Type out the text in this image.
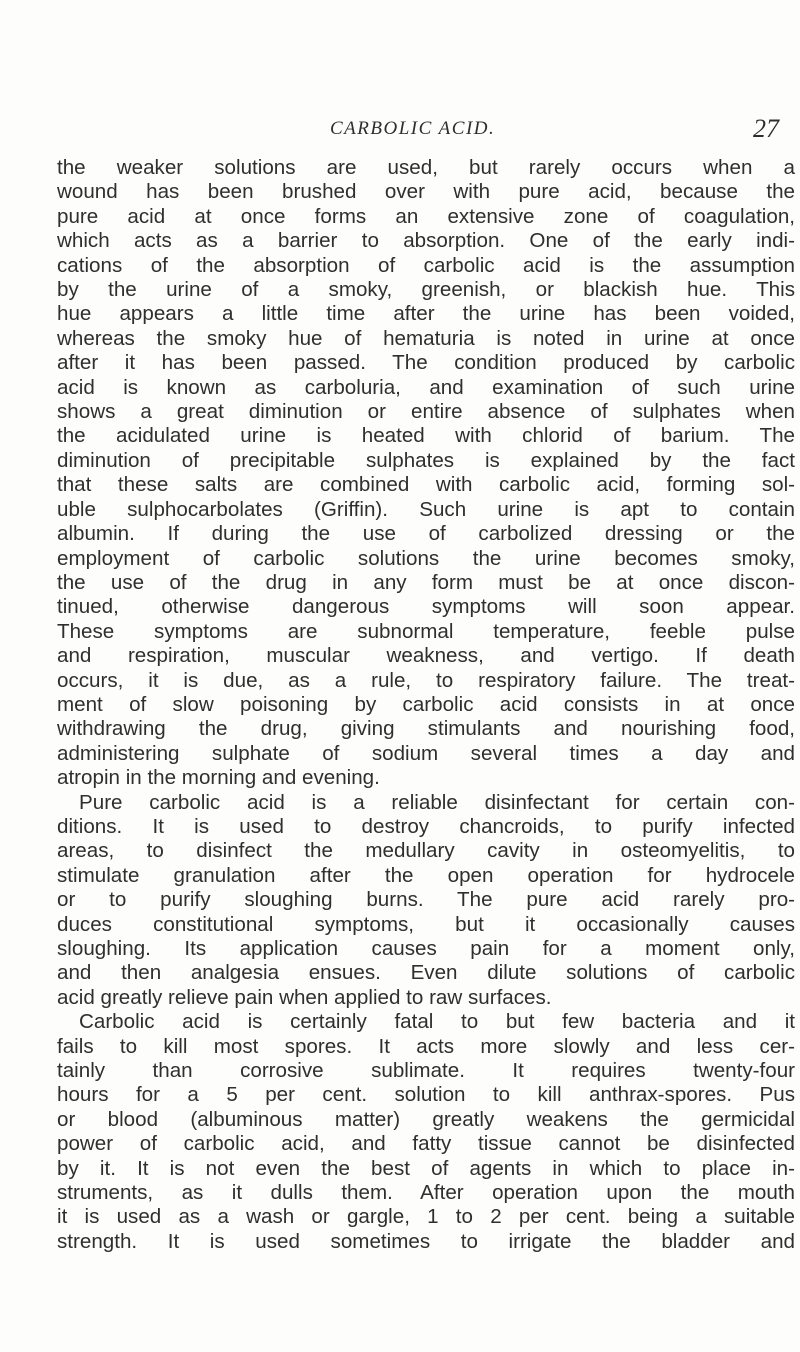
CARBOLIC ACID.	27
the weaker solutions are used, but rarely occurs when a
wound has been brushed over with pure acid, because the
pure acid at once forms an extensive zone of coagulation,
which acts as a barrier to absorption. One of the early indi-
cations of the absorption of carbolic acid is the assumption
by the urine of a smoky, greenish, or blackish hue. This
hue appears a little time after the urine has been voided,
whereas the smoky hue of hematuria is noted in urine at once
after it has been passed. The condition produced by carbolic
acid is known as carboluria, and examination of such urine
shows a great diminution or entire absence of sulphates when
the acidulated urine is heated with chlorid of barium. The
diminution of precipitable sulphates is explained by the fact
that these salts are combined with carbolic acid, forming sol-
uble sulphocarbolates (Griffin). Such urine is apt to contain
albumin. If during the use of carbolized dressing or the
employment of carbolic solutions the urine becomes smoky,
the use of the drug in any form must be at once discon-
tinued, otherwise dangerous symptoms will soon appear.
These symptoms are subnormal temperature, feeble pulse
and respiration, muscular weakness, and vertigo. If death
occurs, it is due, as a rule, to respiratory failure. The treat-
ment of slow poisoning by carbolic acid consists in at once
withdrawing the drug, giving stimulants and nourishing food,
administering sulphate of sodium several times a day and
atropin in the morning and evening.
Pure carbolic acid is a reliable disinfectant for certain con-
ditions. It is used to destroy chancroids, to purify infected
areas, to disinfect the medullary cavity in osteomyelitis, to
stimulate granulation after the open operation for hydrocele
or to purify sloughing burns. The pure acid rarely pro-
duces constitutional symptoms, but it occasionally causes
sloughing. Its application causes pain for a moment only,
and then analgesia ensues. Even dilute solutions of carbolic
acid greatly relieve pain when applied to raw surfaces.
Carbolic acid is certainly fatal to but few bacteria and it
fails to kill most spores. It acts more slowly and less cer-
tainly than corrosive sublimate. It requires twenty-four
hours for a 5 per cent. solution to kill anthrax-spores. Pus
or blood (albuminous matter) greatly weakens the germicidal
power of carbolic acid, and fatty tissue cannot be disinfected
by it. It is not even the best of agents in which to place in-
struments, as it dulls them. After operation upon the mouth
it is used as a wash or gargle, 1 to 2 per cent. being a suitable
strength. It is used sometimes to irrigate the bladder and
